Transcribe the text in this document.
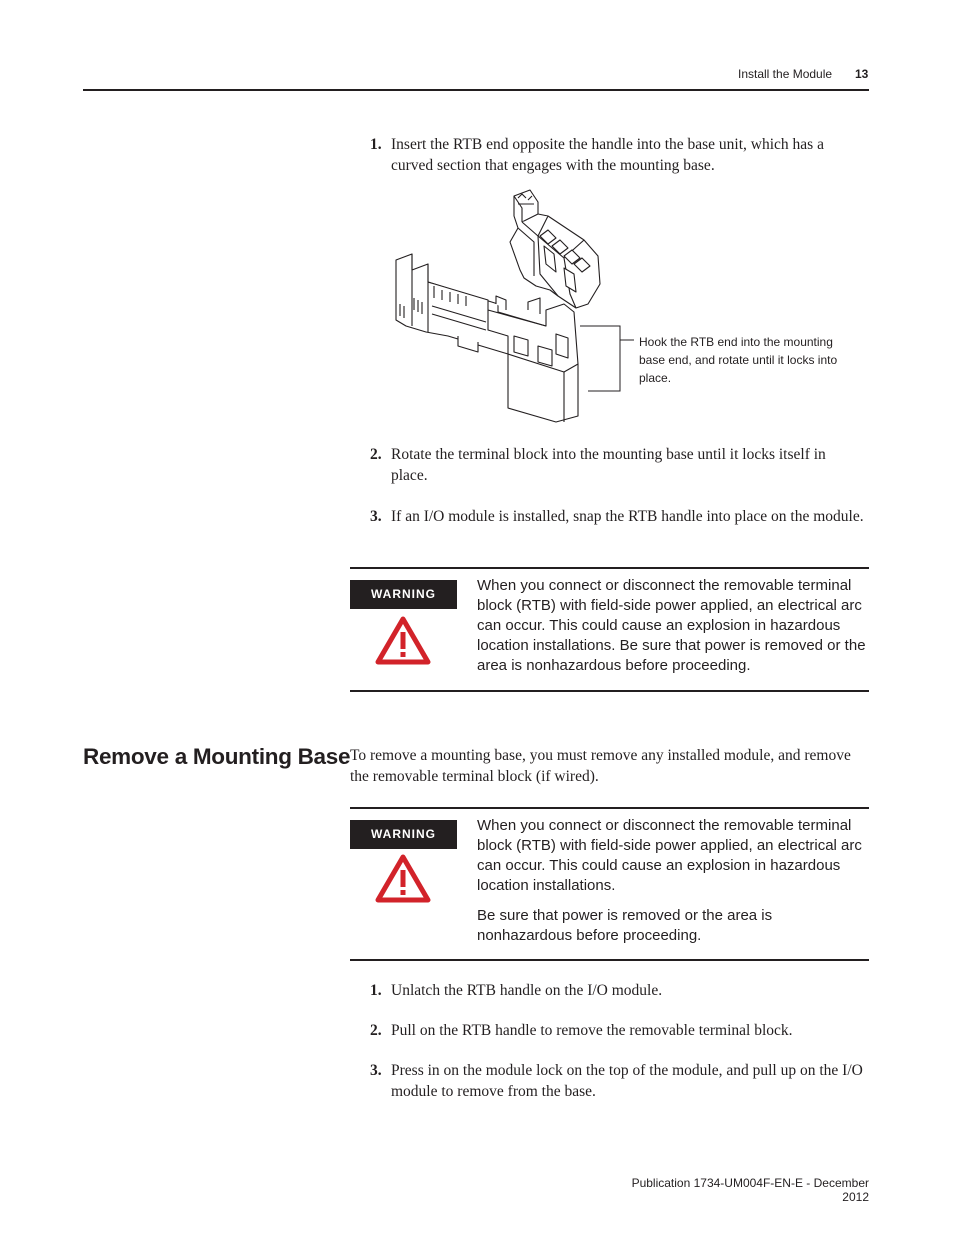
Install the Module 13
1. Insert the RTB end opposite the handle into the base unit, which has a curved section that engages with the mounting base.
Hook the RTB end into the mounting base end, and rotate until it locks into place.
2. Rotate the terminal block into the mounting base until it locks itself in place.
3. If an I/O module is installed, snap the RTB handle into place on the module.
WARNING	When you connect or disconnect the removable terminal block (RTB) with field-side power applied, an electrical arc can occur. This could cause an explosion in hazardous location installations. Be sure that power is removed or the area is nonhazardous before proceeding.

Remove a Mounting Base To remove a mounting base, you must remove any installed module, and remove the removable terminal block (if wired).
WARNING	When you connect or disconnect the removable terminal block (RTB) with field-side power applied, an electrical arc can occur. This could cause an explosion in hazardous location installations.

Be sure that power is removed or the area is nonhazardous before proceeding.

1. Unlatch the RTB handle on the I/O module.
2. Pull on the RTB handle to remove the removable terminal block.
3. Press in on the module lock on the top of the module, and pull up on the I/O module to remove from the base.
Publication 1734-UM004F-EN-E - December 2012
